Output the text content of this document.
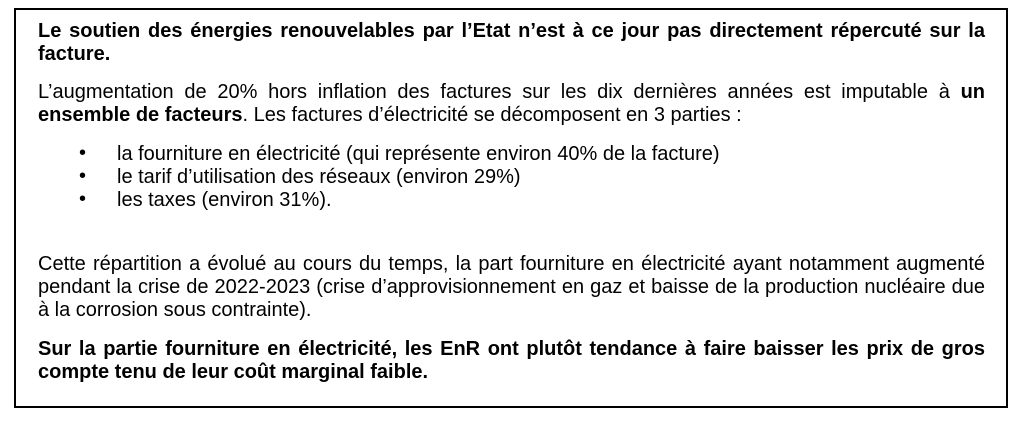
Le soutien des énergies renouvelables par l’Etat n’est à ce jour pas directement répercuté sur la facture.

L’augmentation de 20% hors inflation des factures sur les dix dernières années est imputable à un ensemble de facteurs. Les factures d’électricité se décomposent en 3 parties :

• la fourniture en électricité (qui représente environ 40% de la facture)
• le tarif d’utilisation des réseaux (environ 29%)
• les taxes (environ 31%).

Cette répartition a évolué au cours du temps, la part fourniture en électricité ayant notamment augmenté pendant la crise de 2022-2023 (crise d’approvisionnement en gaz et baisse de la production nucléaire due à la corrosion sous contrainte).

Sur la partie fourniture en électricité, les EnR ont plutôt tendance à faire baisser les prix de gros compte tenu de leur coût marginal faible.
